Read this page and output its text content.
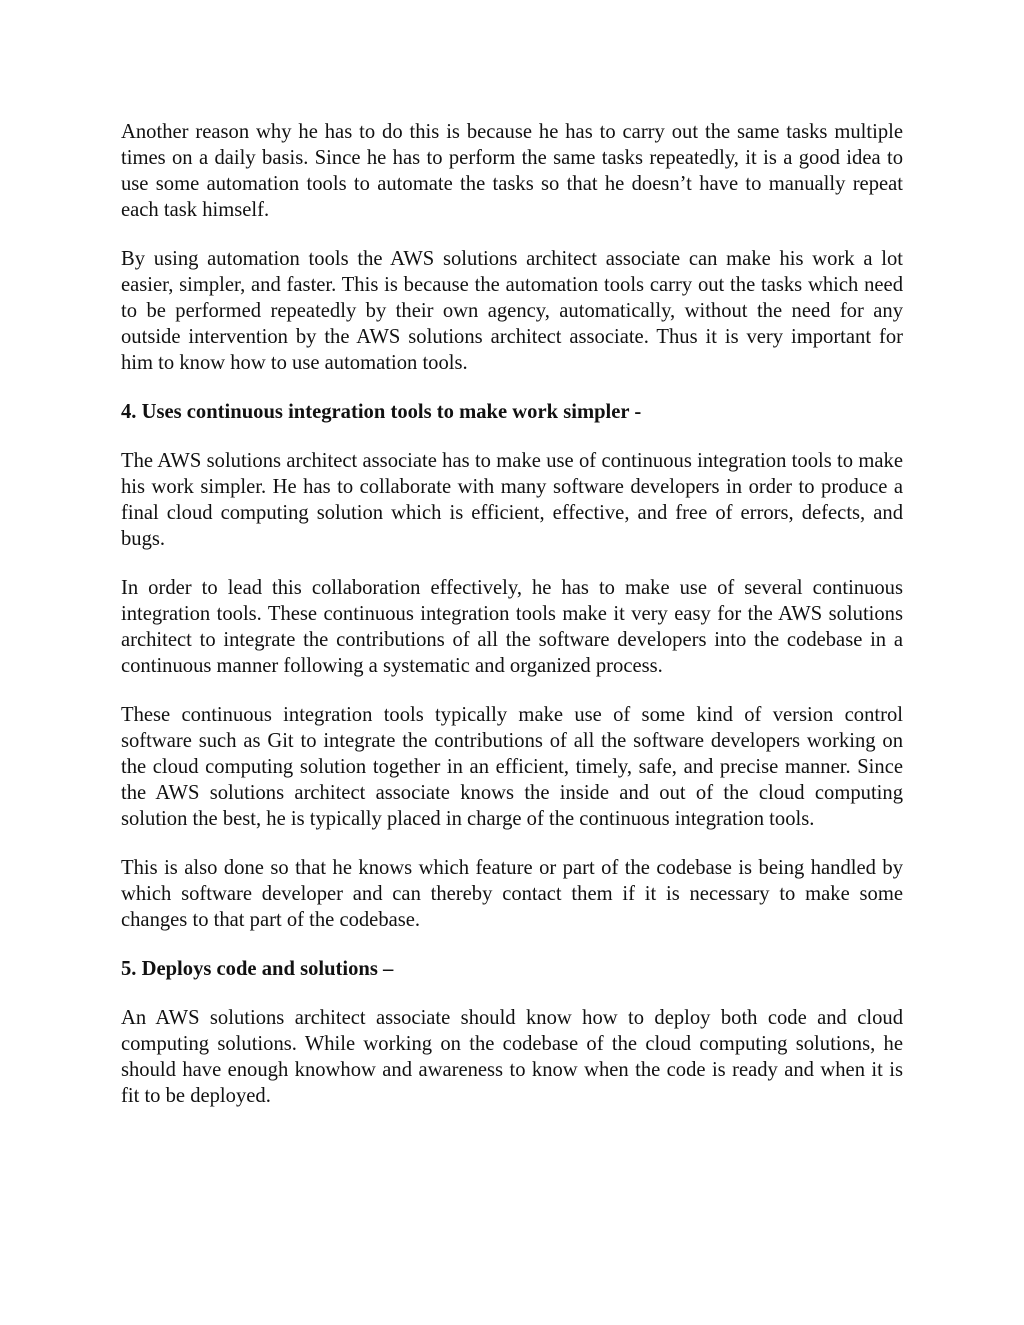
Another reason why he has to do this is because he has to carry out the same tasks multiple times on a daily basis. Since he has to perform the same tasks repeatedly, it is a good idea to use some automation tools to automate the tasks so that he doesn’t have to manually repeat each task himself.

By using automation tools the AWS solutions architect associate can make his work a lot easier, simpler, and faster. This is because the automation tools carry out the tasks which need to be performed repeatedly by their own agency, automatically, without the need for any outside intervention by the AWS solutions architect associate. Thus it is very important for him to know how to use automation tools.

4. Uses continuous integration tools to make work simpler -

The AWS solutions architect associate has to make use of continuous integration tools to make his work simpler. He has to collaborate with many software developers in order to produce a final cloud computing solution which is efficient, effective, and free of errors, defects, and bugs.

In order to lead this collaboration effectively, he has to make use of several continuous integration tools. These continuous integration tools make it very easy for the AWS solutions architect to integrate the contributions of all the software developers into the codebase in a continuous manner following a systematic and organized process.

These continuous integration tools typically make use of some kind of version control software such as Git to integrate the contributions of all the software developers working on the cloud computing solution together in an efficient, timely, safe, and precise manner. Since the AWS solutions architect associate knows the inside and out of the cloud computing solution the best, he is typically placed in charge of the continuous integration tools.

This is also done so that he knows which feature or part of the codebase is being handled by which software developer and can thereby contact them if it is necessary to make some changes to that part of the codebase.

5. Deploys code and solutions –

An AWS solutions architect associate should know how to deploy both code and cloud computing solutions. While working on the codebase of the cloud computing solutions, he should have enough knowhow and awareness to know when the code is ready and when it is fit to be deployed.
